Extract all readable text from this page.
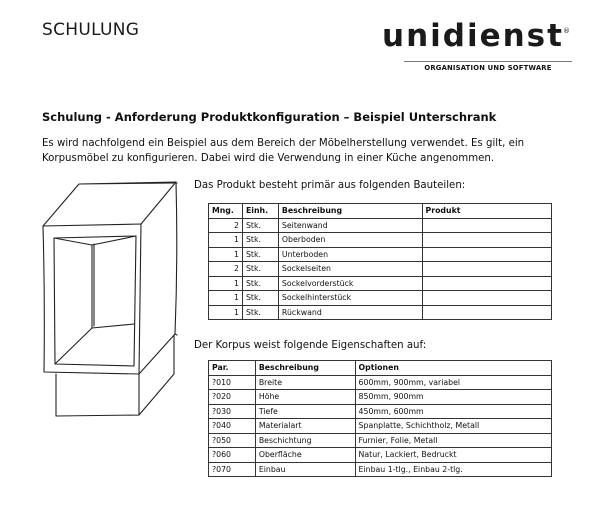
SCHULUNG	unidienst ®
ORGANISATION UND SOFTWARE
Schulung - Anforderung Produktkonfiguration – Beispiel Unterschrank
Es wird nachfolgend ein Beispiel aus dem Bereich der Möbelherstellung verwendet. Es gilt, ein Korpusmöbel zu konfigurieren. Dabei wird die Verwendung in einer Küche angenommen.
Das Produkt besteht primär aus folgenden Bauteilen:
Mng.	Einh.	Beschreibung	Produkt
2	Stk.	Seitenwand	
1	Stk.	Oberboden	
1	Stk.	Unterboden	
2	Stk.	Sockelseiten	
1	Stk.	Sockelvorderstück	
1	Stk.	Sockelhinterstück	
1	Stk.	Rückwand	
Der Korpus weist folgende Eigenschaften auf:
Par.	Beschreibung	Optionen
?010	Breite	600mm, 900mm, variabel
?020	Höhe	850mm, 900mm
?030	Tiefe	450mm, 600mm
?040	Materialart	Spanplatte, Schichtholz, Metall
?050	Beschichtung	Furnier, Folie, Metall
?060	Oberfläche	Natur, Lackiert, Bedruckt
?070	Einbau	Einbau 1-tlg., Einbau 2-tlg.
